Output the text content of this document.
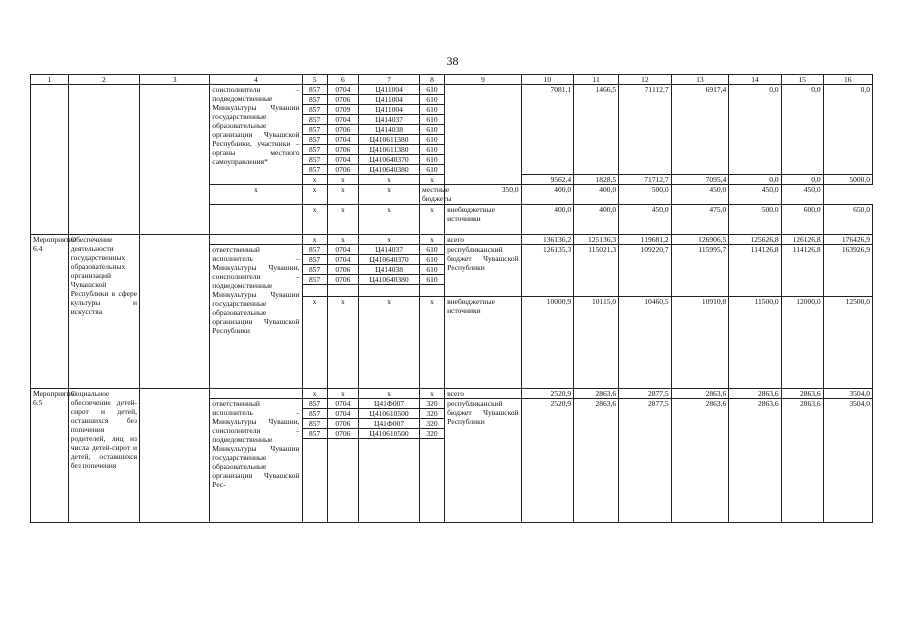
38
1	2	3	4	5	6	7	8	9	10	11	12	13	14	15	16
			соисполнители – подведомственные Минкультуры Чувашии государственные образовательные организации Чувашской Республики, участники – органы местного самоуправления*	857	0704	Ц411004	610		7081,1	1466,5	71112,7	6917,4	0,0	0,0	0,0
				857	0706	Ц411004	610								
				857	0709	Ц411004	610								
				857	0704	Ц414037	610								
				857	0706	Ц414038	610								
				857	0704	Ц410611380	610								
				857	0706	Ц410611380	610								
				857	0704	Ц410640370	610								
				857	0706	Ц410640380	610								
				x	x	x	x		9562,4	1828,5	71712,7	7095,4	0,0	0,0	5000,0
			x	x	x	x	местные бюджеты	350,0	400,0	400,0	500,0	450,0	450,0	450,0	
				x	x	x	x	внебюджетные источники	400,0	400,0	450,0	475,0	500,0	600,0	650,0
Мероприятие 6.4	Обеспечение деятельности государственных образовательных организаций Чувашской Республики в сфере культуры и искусства			x	x	x	x	всего	136136,2	125136,3	119681,2	126906,5	125626,8	126126,8	176426,9
			ответственный исполнитель – Минкультуры Чувашии, соисполнители – подведомственные Минкультуры Чувашии государственные образовательные организации Чувашской Республики	857	0704	Ц414037	610	республиканский бюджет Чувашской Республики	126135,3	115021,3	109220,7	115995,7	114126,8	114126,8	163926,9
				857	0704	Ц410640370	610								
				857	0706	Ц414038	610								
				857	0706	Ц410640380	610								

				x	x	x	x	внебюджетные источники	10000,9	10115,0	10460,5	10910,8	11500,0	12000,0	12500,0
Мероприятие 6.5	Социальное обеспечение детей-сирот и детей, оставшихся без попечения родителей, лиц из числа детей-сирот и детей, оставшихся без попечения			x	x	x	x	всего	2520,9	2863,6	2877,5	2863,6	2863,6	2863,6	3504,0
			ответственный исполнитель – Минкультуры Чувашии, соисполнители – подведомственные Минкультуры Чувашии государственные образовательные организации Чувашской Рес-	857	0704	Ц41Ф007	320	республиканский бюджет Чувашской Республики	2520,9	2863,6	2877,5	2863,6	2863,6	2863,6	3504,0
				857	0704	Ц410610500	320								
				857	0706	Ц41Ф007	320								
				857	0706	Ц410610500	320								
